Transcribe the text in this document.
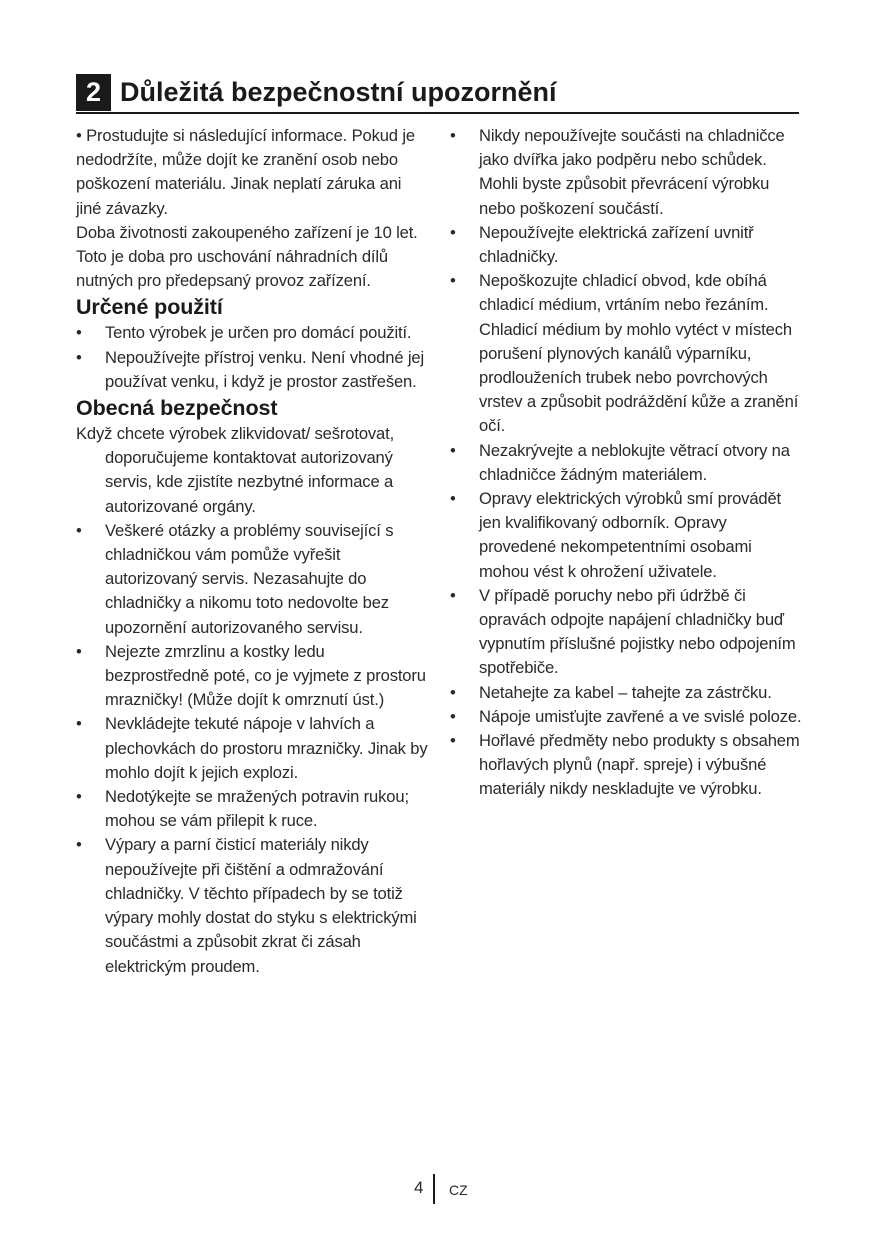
2 Důležitá bezpečnostní upozornění

• Prostudujte si následující informace. Pokud je nedodržíte, může dojít ke zranění osob nebo poškození materiálu. Jinak neplatí záruka ani jiné závazky.

Doba životnosti zakoupeného zařízení je 10 let. Toto je doba pro uschování náhradních dílů nutných pro předepsaný provoz zařízení.

Určené použití
•	Tento výrobek je určen pro domácí použití.
•	Nepoužívejte přístroj venku. Není vhodné jej používat venku, i když je prostor zastřešen.
Obecná bezpečnost

Když chcete výrobek zlikvidovat/ sešrotovat, doporučujeme kontaktovat autorizovaný servis, kde zjistíte nezbytné informace a autorizované orgány.

•	Veškeré otázky a problémy související s chladničkou vám pomůže vyřešit autorizovaný servis. Nezasahujte do chladničky a nikomu toto nedovolte bez upozornění autorizovaného servisu.
•	Nejezte zmrzlinu a kostky ledu bezprostředně poté, co je vyjmete z prostoru mrazničky! (Může dojít k omrznutí úst.)
•	Nevkládejte tekuté nápoje v lahvích a plechovkách do prostoru mrazničky. Jinak by mohlo dojít k jejich explozi.
•	Nedotýkejte se mražených potravin rukou; mohou se vám přilepit k ruce.
•	Výpary a parní čisticí materiály nikdy nepoužívejte při čištění a odmražování chladničky. V těchto případech by se totiž výpary mohly dostat do styku s elektrickými součástmi a způsobit zkrat či zásah elektrickým proudem.
•	Nikdy nepoužívejte součásti na chladničce jako dvířka jako podpěru nebo schůdek. Mohli byste způsobit převrácení výrobku nebo poškození součástí.
•	Nepoužívejte elektrická zařízení uvnitř chladničky.
•	Nepoškozujte chladicí obvod, kde obíhá chladicí médium, vrtáním nebo řezáním. Chladicí médium by mohlo vytéct v místech porušení plynových kanálů výparníku, prodlouženích trubek nebo povrchových vrstev a způsobit podráždění kůže a zranění očí.
•	Nezakrývejte a neblokujte větrací otvory na chladničce žádným materiálem.
•	Opravy elektrických výrobků smí provádět jen kvalifikovaný odborník. Opravy provedené nekompetentními osobami mohou vést k ohrožení uživatele.
•	V případě poruchy nebo při údržbě či opravách odpojte napájení chladničky buď vypnutím příslušné pojistky nebo odpojením spotřebiče.
•	Netahejte za kabel – tahejte za zástrčku.
•	Nápoje umisťujte zavřené a ve svislé poloze.
•	Hořlavé předměty nebo produkty s obsahem hořlavých plynů (např. spreje) i výbušné materiály nikdy neskladujte ve výrobku.
4 CZ
